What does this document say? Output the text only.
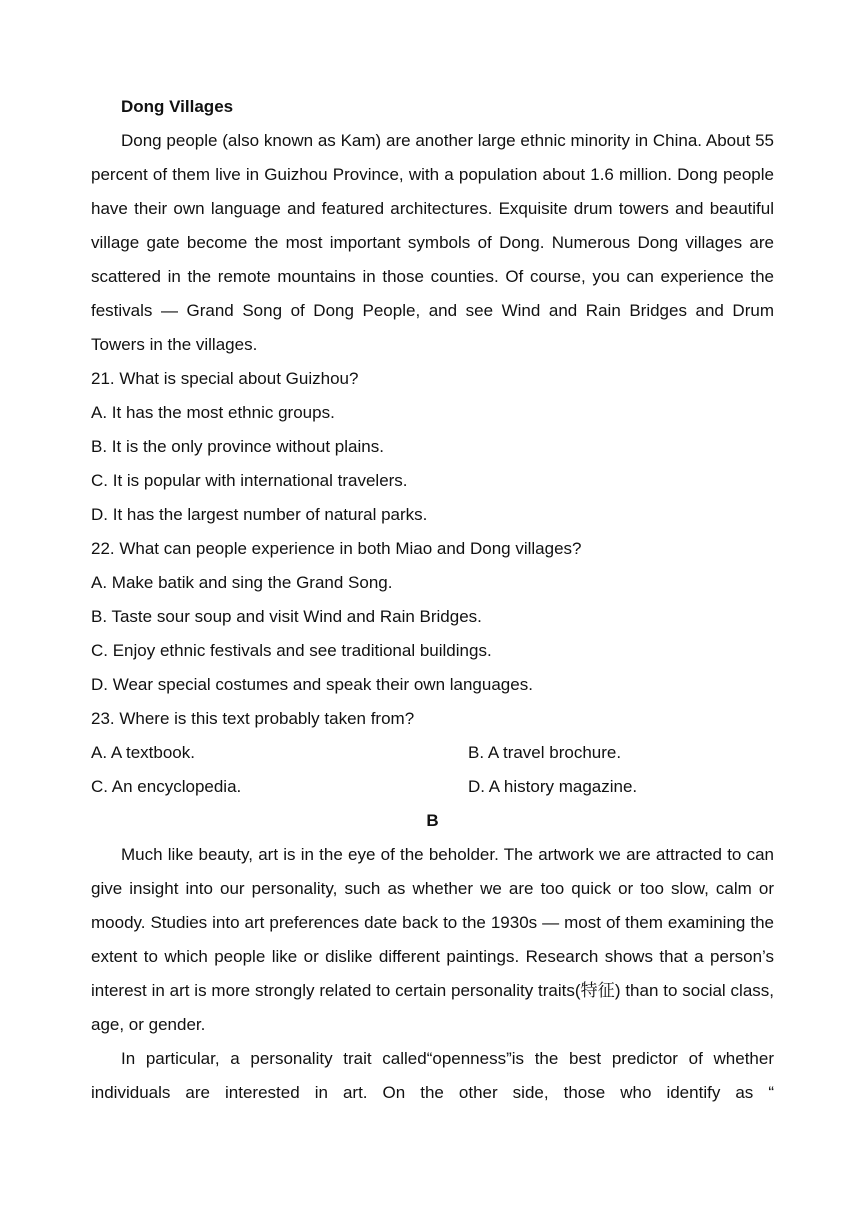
Dong Villages

Dong people (also known as Kam) are another large ethnic minority in China. About 55 percent of them live in Guizhou Province, with a population about 1.6 million. Dong people have their own language and featured architectures. Exquisite drum towers and beautiful village gate become the most important symbols of Dong. Numerous Dong villages are scattered in the remote mountains in those counties. Of course, you can experience the festivals — Grand Song of Dong People, and see Wind and Rain Bridges and Drum Towers in the villages.

21. What is special about Guizhou?

A. It has the most ethnic groups.

B. It is the only province without plains.

C. It is popular with international travelers.

D. It has the largest number of natural parks.

22. What can people experience in both Miao and Dong villages?

A. Make batik and sing the Grand Song.

B. Taste sour soup and visit Wind and Rain Bridges.

C. Enjoy ethnic festivals and see traditional buildings.

D. Wear special costumes and speak their own languages.

23. Where is this text probably taken from?

A. A textbook.	B. A travel brochure.
C. An encyclopedia.	D. A history magazine.

B

Much like beauty, art is in the eye of the beholder. The artwork we are attracted to can give insight into our personality, such as whether we are too quick or too slow, calm or moody. Studies into art preferences date back to the 1930s — most of them examining the extent to which people like or dislike different paintings. Research shows that a person’s interest in art is more strongly related to certain personality traits(特征) than to social class, age, or gender.

In particular, a personality trait called“openness”is the best predictor of whether individuals are interested in art. On the other side, those who identify as “
